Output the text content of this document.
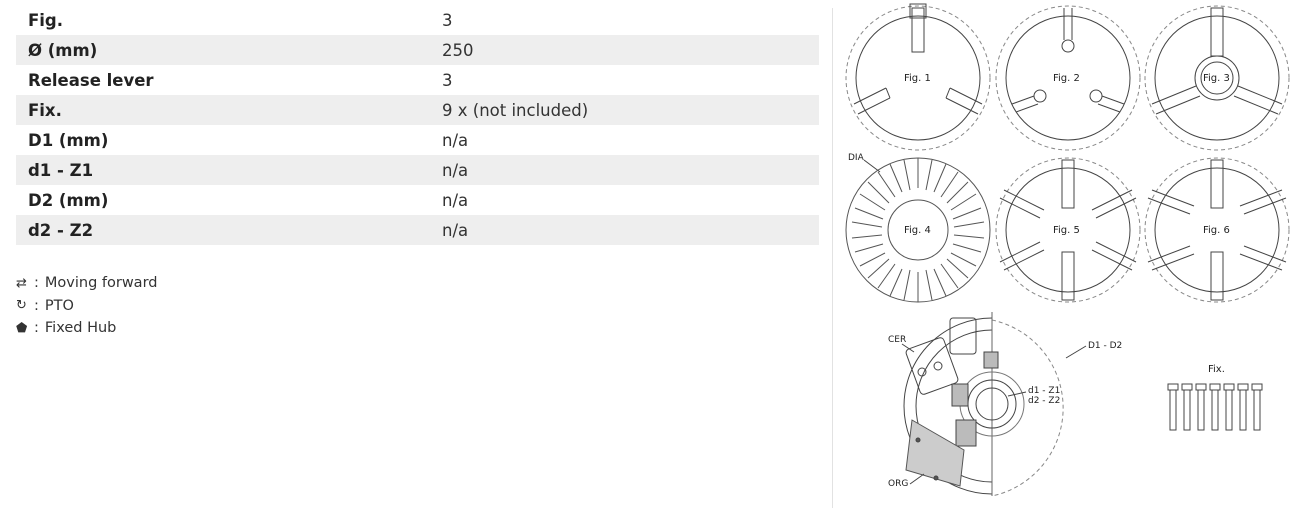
Fig.	3
Ø (mm)	250
Release lever	3
Fix.	9 x (not included)
D1 (mm)	n/a
d1 - Z1	n/a
D2 (mm)	n/a
d2 - Z2	n/a
⇄ : Moving forward
↻ : PTO
⬟ : Fixed Hub
Fig. 1	Fig. 2	Fig. 3
DIA
Fig. 4	Fig. 5	Fig. 6
CER
ORG
D1 - D2
d1 - Z1
d2 - Z2
Fix.
